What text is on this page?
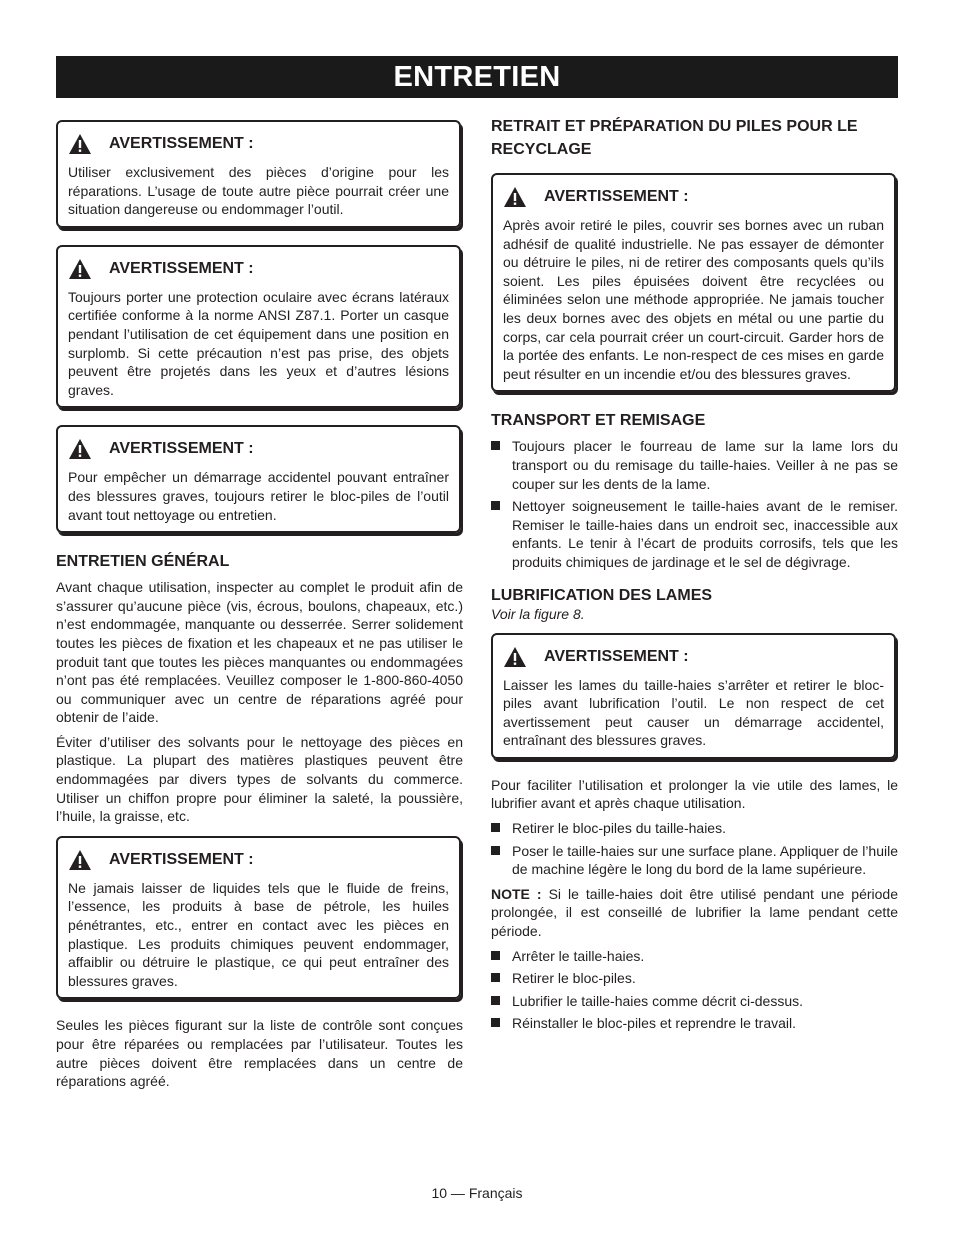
ENTRETIEN
AVERTISSEMENT :
Utiliser exclusivement des pièces d’origine pour les réparations. L’usage de toute autre pièce pourrait créer une situation dangereuse ou endommager l’outil.
AVERTISSEMENT :
Toujours porter une protection oculaire avec écrans latéraux certifiée conforme à la norme ANSI Z87.1. Porter un casque pendant l’utilisation de cet équipement dans une position en surplomb. Si cette précaution n’est pas prise, des objets peuvent être projetés dans les yeux et d’autres lésions graves.
AVERTISSEMENT :
Pour empêcher un démarrage accidentel pouvant entraîner des blessures graves, toujours retirer le bloc-piles de l’outil avant tout nettoyage ou entretien.
ENTRETIEN GÉNÉRAL

Avant chaque utilisation, inspecter au complet le produit afin de s’assurer qu’aucune pièce (vis, écrous, boulons, chapeaux, etc.) n’est endommagée, manquante ou desserrée. Serrer solidement toutes les pièces de fixation et les chapeaux et ne pas utiliser le produit tant que toutes les pièces manquantes ou endommagées n’ont pas été remplacées. Veuillez composer le 1-800-860-4050 ou communiquer avec un centre de réparations agréé pour obtenir de l’aide.

Éviter d’utiliser des solvants pour le nettoyage des pièces en plastique. La plupart des matières plastiques peuvent être endommagées par divers types de solvants du commerce. Utiliser un chiffon propre pour éliminer la saleté, la poussière, l’huile, la graisse, etc.

AVERTISSEMENT :
Ne jamais laisser de liquides tels que le fluide de freins, l’essence, les produits à base de pétrole, les huiles pénétrantes, etc., entrer en contact avec les pièces en plastique. Les produits chimiques peuvent endommager, affaiblir ou détruire le plastique, ce qui peut entraîner des blessures graves.

Seules les pièces figurant sur la liste de contrôle sont conçues pour être réparées ou remplacées par l’utilisateur. Toutes les autre pièces doivent être remplacées dans un centre de réparations agréé.

RETRAIT ET PRÉPARATION DU PILES POUR LE RECYCLAGE
AVERTISSEMENT :
Après avoir retiré le piles, couvrir ses bornes avec un ruban adhésif de qualité industrielle. Ne pas essayer de démonter ou détruire le piles, ni de retirer des composants quels qu’ils soient. Les piles épuisées doivent être recyclées ou éliminées selon une méthode appropriée. Ne jamais toucher les deux bornes avec des objets en métal ou une partie du corps, car cela pourrait créer un court-circuit. Garder hors de la portée des enfants. Le non-respect de ces mises en garde peut résulter en un incendie et/ou des blessures graves.
TRANSPORT ET REMISAGE
Toujours placer le fourreau de lame sur la lame lors du transport ou du remisage du taille-haies. Veiller à ne pas se couper sur les dents de la lame.
Nettoyer soigneusement le taille-haies avant de le remiser. Remiser le taille-haies dans un endroit sec, inaccessible aux enfants. Le tenir à l’écart de produits corrosifs, tels que les produits chimiques de jardinage et le sel de dégivrage.
LUBRIFICATION DES LAMES
Voir la figure 8.
AVERTISSEMENT :
Laisser les lames du taille-haies s’arrêter et retirer le bloc-piles avant lubrification l’outil. Le non respect de cet avertissement peut causer un démarrage accidentel, entraînant des blessures graves.

Pour faciliter l’utilisation et prolonger la vie utile des lames, le lubrifier avant et après chaque utilisation.

Retirer le bloc-piles du taille-haies.
Poser le taille-haies sur une surface plane. Appliquer de l’huile de machine légère le long du bord de la lame supérieure.

NOTE : Si le taille-haies doit être utilisé pendant une période prolongée, il est conseillé de lubrifier la lame pendant cette période.

Arrêter le taille-haies.
Retirer le bloc-piles.
Lubrifier le taille-haies comme décrit ci-dessus.
Réinstaller le bloc-piles et reprendre le travail.
10 — Français
